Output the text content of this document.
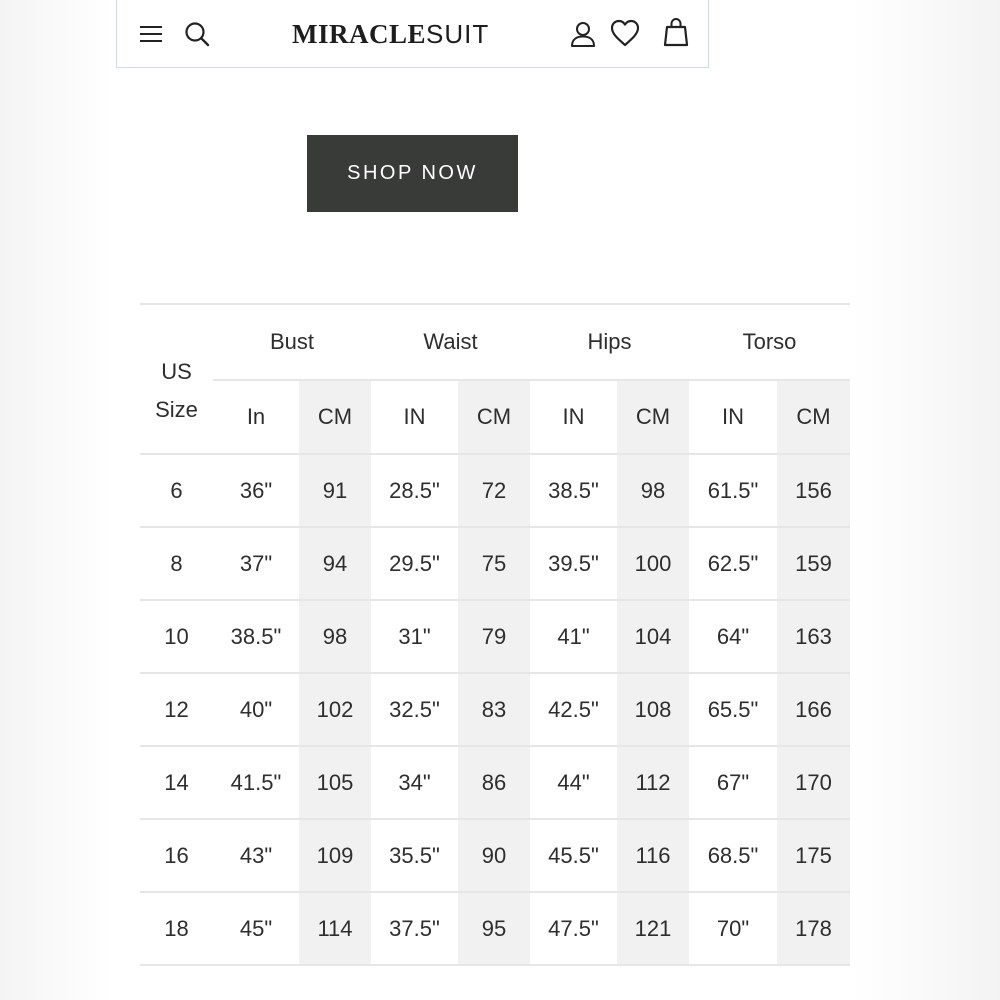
MIRACLESUIT
SHOP NOW
US
Size	Bust		Waist		Hips		Torso	
	In	CM	IN	CM	IN	CM	IN	CM
6	36"	91	28.5"	72	38.5"	98	61.5"	156
8	37"	94	29.5"	75	39.5"	100	62.5"	159
10	38.5"	98	31"	79	41"	104	64"	163
12	40"	102	32.5"	83	42.5"	108	65.5"	166
14	41.5"	105	34"	86	44"	112	67"	170
16	43"	109	35.5"	90	45.5"	116	68.5"	175
18	45"	114	37.5"	95	47.5"	121	70"	178
